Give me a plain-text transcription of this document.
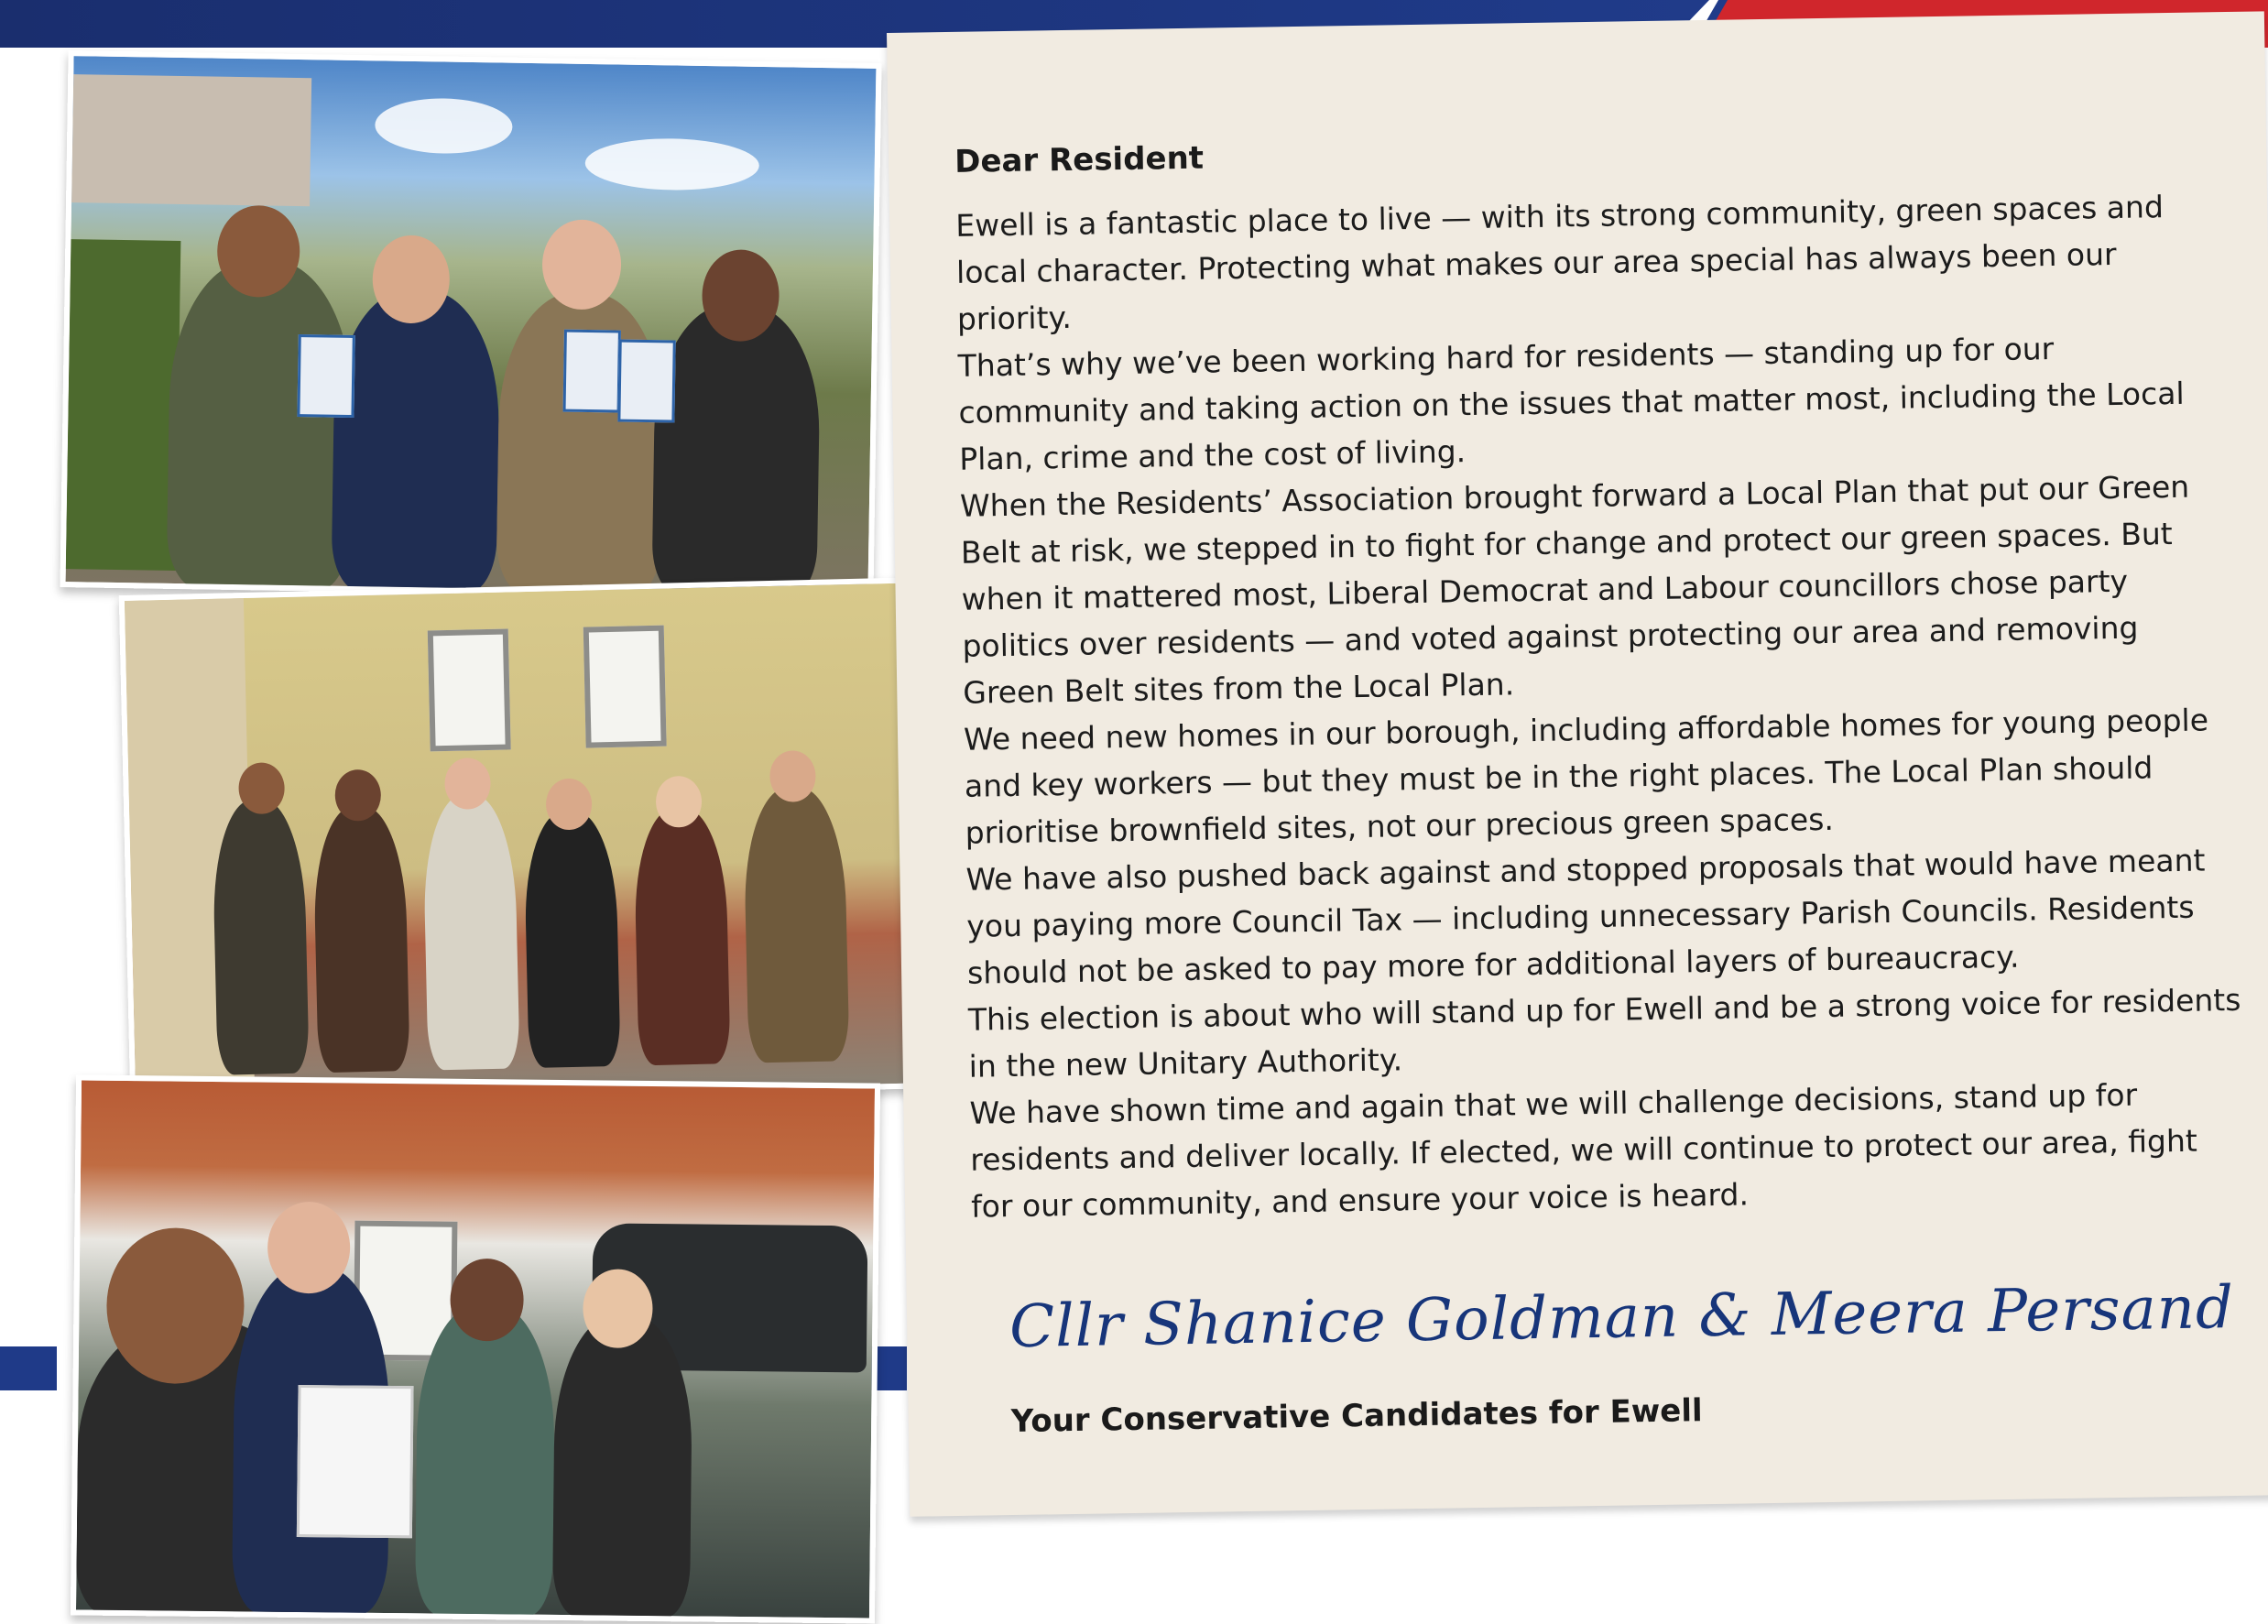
Dear Resident

Ewell is a fantastic place to live — with its strong community, green spaces and local character. Protecting what makes our area special has always been our priority.

That’s why we’ve been working hard for residents — standing up for our community and taking action on the issues that matter most, including the Local Plan, crime and the cost of living.

When the Residents’ Association brought forward a Local Plan that put our Green Belt at risk, we stepped in to fight for change and protect our green spaces. But when it mattered most, Liberal Democrat and Labour councillors chose party politics over residents — and voted against protecting our area and removing Green Belt sites from the Local Plan.

We need new homes in our borough, including affordable homes for young people and key workers — but they must be in the right places. The Local Plan should prioritise brownfield sites, not our precious green spaces.

We have also pushed back against and stopped proposals that would have meant you paying more Council Tax — including unnecessary Parish Councils. Residents should not be asked to pay more for additional layers of bureaucracy.

This election is about who will stand up for Ewell and be a strong voice for residents in the new Unitary Authority.

We have shown time and again that we will challenge decisions, stand up for residents and deliver locally. If elected, we will continue to protect our area, fight for our community, and ensure your voice is heard.

Cllr Shanice Goldman & Meera Persand
Your Conservative Candidates for Ewell
